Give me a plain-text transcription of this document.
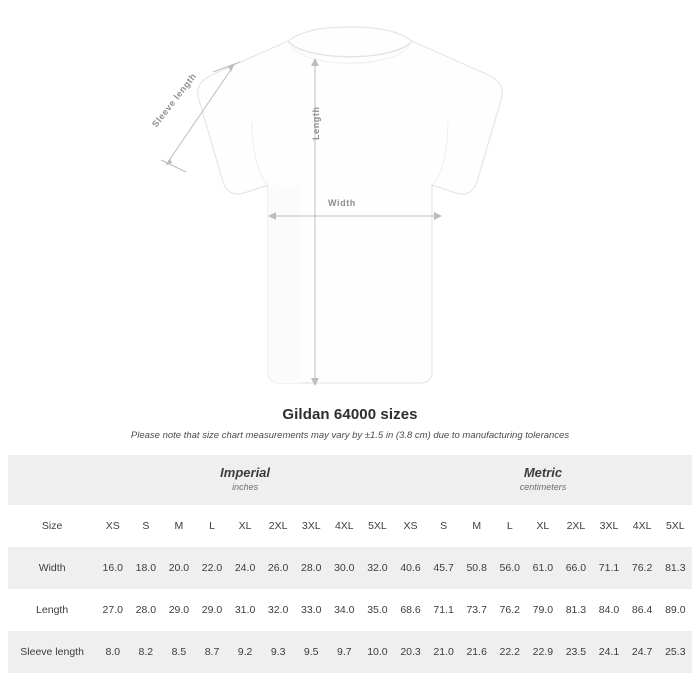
Sleeve length	Length
Width
Gildan 64000 sizes

Please note that size chart measurements may vary by ±1.5 in (3.8 cm) due to manufacturing tolerances

	Imperial
inches									Metric
centimeters								

Size	XS	S	M	L	XL	2XL	3XL	4XL	5XL	XS	S	M	L	XL	2XL	3XL	4XL	5XL
Width	16.0	18.0	20.0	22.0	24.0	26.0	28.0	30.0	32.0	40.6	45.7	50.8	56.0	61.0	66.0	71.1	76.2	81.3
Length	27.0	28.0	29.0	29.0	31.0	32.0	33.0	34.0	35.0	68.6	71.1	73.7	76.2	79.0	81.3	84.0	86.4	89.0
Sleeve length	8.0	8.2	8.5	8.7	9.2	9.3	9.5	9.7	10.0	20.3	21.0	21.6	22.2	22.9	23.5	24.1	24.7	25.3
